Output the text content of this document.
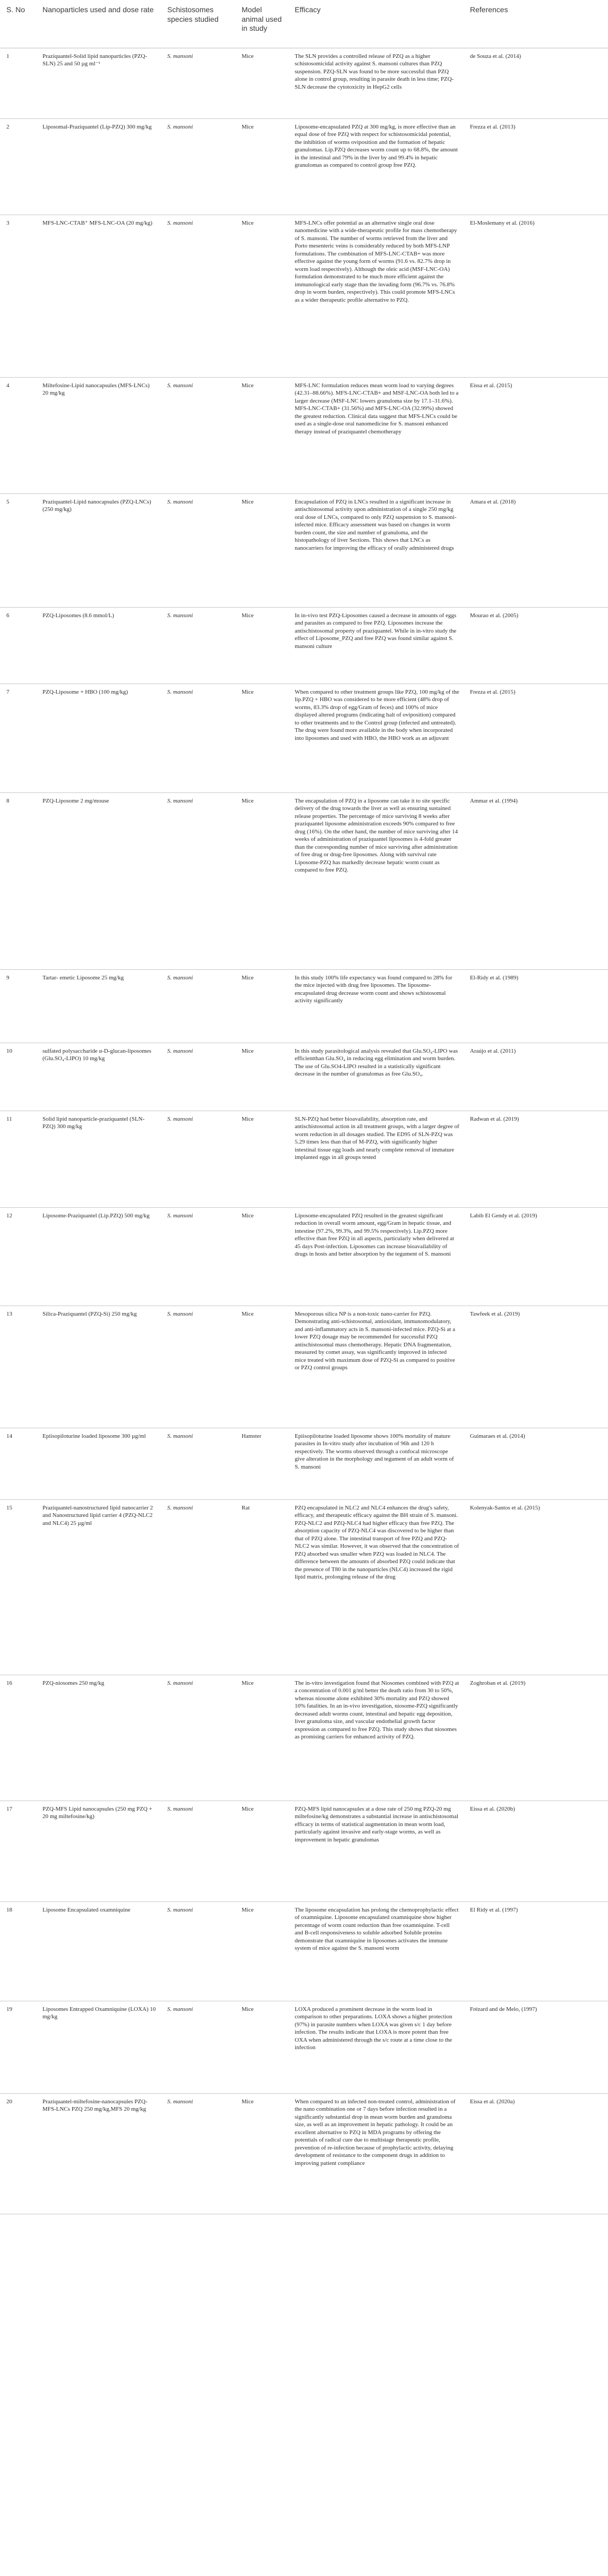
S. No	Nanoparticles used and dose rate	Schistosomes species studied	Model animal used in study	Efficacy	References
1	Praziquantel-Solid lipid nanoparticles (PZQ-SLN) 25 and 50 µg ml⁻¹	S. mansoni	Mice	The SLN provides a controlled release of PZQ as a higher schistosomicidal activity against S. mansoni cultures than PZQ suspension. PZQ-SLN was found to be more successful than PZQ alone in control group, resulting in parasite death in less time; PZQ-SLN decrease the cytotoxicity in HepG2 cells	de Souza et al. (2014)
2	Liposomal-Praziquantel (Lip-PZQ) 300 mg/kg	S. mansoni	Mice	Liposome-encapsulated PZQ at 300 mg/kg, is more effective than an equal dose of free PZQ with respect for schistosomicidal potential, the inhibition of worms oviposition and the formation of hepatic granulomas. Lip.PZQ decreases worm count up to 68.8%, the amount in the intestinal and 79% in the liver by and 99.4% in hepatic granulomas as compared to control group free PZQ.	Frezza et al. (2013)
3	MFS-LNC-CTAB⁺ MFS-LNC-OA (20 mg/kg)	S. mansoni	Mice	MFS-LNCs offer potential as an alternative single oral dose nanomedicine with a wide-therapeutic profile for mass chemotherapy of S. mansoni. The number of worms retrieved from the liver and Porto mesenteric veins is considerably reduced by both MFS-LNP formulations. The combination of MFS-LNC-CTAB+ was more effective against the young form of worms (91.6 vs. 82.7% drop in worm load respectively). Although the oleic acid (MSF-LNC-OA) formulation demonstrated to be much more efficient against the immunological early stage than the invading form (96.7% vs. 76.8% drop in worm burden, respectively). This could promote MFS-LNCs as a wider therapeutic profile alternative to PZQ.	El-Moslemany et al. (2016)
4	Miltefosine-Lipid nanocapsules (MFS-LNCs) 20 mg/kg	S. mansoni	Mice	MFS-LNC formulation reduces mean worm load to varying degrees (42.31–88.66%). MFS-LNC-CTAB+ and MSF-LNC-OA both led to a larger decrease (MSF-LNC lowers granuloma size by 17.1–31.6%). MFS-LNC-CTAB+ (31.56%) and MFS-LNC-OA (32.99%) showed the greatest reduction. Clinical data suggest that MFS-LNCs could be used as a single-dose oral nanomedicine for S. mansoni enhanced therapy instead of praziquantel chemotherapy	Eissa et al. (2015)
5	Praziquantel-Lipid nanocapsules (PZQ-LNCs) (250 mg/kg)	S. mansoni	Mice	Encapsulation of PZQ in LNCs resulted in a significant increase in antischistosomal activity upon administration of a single 250 mg/kg oral dose of LNCs, compared to only PZQ suspension to S. mansoni-infected mice. Efficacy assessment was based on changes in worm burden count, the size and number of granuloma, and the histopathology of liver Sections. This shows that LNCs as nanocarriers for improving the efficacy of orally administered drugs	Amara et al. (2018)
6	PZQ-Liposomes (8.6 mmol/L)	S. mansoni	Mice	In in-vivo test PZQ-Liposomes caused a decrease in amounts of eggs and parasites as compared to free PZQ. Liposomes increase the antischistosomal property of praziquantel. While in in-vitro study the effect of Liposome_PZQ and free PZQ was found similar against S. mansoni culture	Mourao et al. (2005)
7	PZQ-Liposome + HBO (100 mg/kg)	S. mansoni	Mice	When compared to other treatment groups like PZQ, 100 mg/kg of the lip.PZQ + HBO was considered to be more efficient (48% drop of worms, 83.3% drop of egg/Gram of feces) and 100% of mice displayed altered programs (indicating halt of oviposition) compared to other treatments and to the Control group (infected and untreated). The drug were found more available in the body when incorporated into liposomes and used with HBO, the HBO work as an adjuvant	Frezza et al. (2015)
8	PZQ-Liposome 2 mg/mouse	S. mansoni	Mice	The encapsulation of PZQ in a liposome can take it to site specific delivery of the drug towards the liver as well as ensuring sustained release properties. The percentage of mice surviving 8 weeks after praziquantel liposome administration exceeds 90% compared to free drug (16%). On the other hand, the number of mice surviving after 14 weeks of administration of praziquantel liposomes is 4-fold greater than the corresponding number of mice surviving after administration of free drug or drug-free liposomes. Along with survival rate Liposome-PZQ has markedly decrease hepatic worm count as compared to free PZQ.	Ammar et al. (1994)
9	Tartar- emetic Liposome 25 mg/kg	S. mansoni	Mice	In this study 100% life expectancy was found compared to 28% for the mice injected with drug free liposomes. The liposome-encapsulated drug decrease worm count and shows schistosomal activity significantly	El-Ridy et al. (1989)
10	sulfated polysaccharide α-D-glucan-liposomes (Glu.SO₄-LIPO) 10 mg/kg	S. mansoni	Mice	In this study parasitological analysis revealed that Glu.SO₄-LIPO was efficientthan Glu.SO₄ in reducing egg elimination and worm burden. The use of Glu.SO4-LIPO resulted in a statistically significant decrease in the number of granulomas as free Glu.SO₄.	Araújo et al. (2011)
11	Solid lipid nanoparticle-praziquantel (SLN-PZQ) 300 mg/kg	S. mansoni	Mice	SLN-PZQ had better bioavailability, absorption rate, and antischistosomal action in all treatment groups, with a larger degree of worm reduction in all dosages studied. The ED95 of SLN-PZQ was 5.29 times less than that of M-PZQ, with significantly higher intestinal tissue egg loads and nearly complete removal of immature implanted eggs in all groups tested	Radwan et al. (2019)
12	Liposome-Praziquantel (Lip.PZQ) 500 mg/kg	S. mansoni	Mice	Liposome-encapsulated PZQ resulted in the greatest significant reduction in overall worm amount, egg/Gram in hepatic tissue, and intestine (97.2%, 99.3%, and 99.5% respectively). Lip.PZQ more effective than free PZQ in all aspects, particularly when delivered at 45 days Post-infection. Liposomes can increase bioavailability of drugs in hosts and better absorption by the tegument of S. mansoni	Labib El Gendy et al. (2019)
13	Silica-Praziquantel (PZQ-Si) 250 mg/kg	S. mansoni	Mice	Mesoporous silica NP is a non-toxic nano-carrier for PZQ. Demonstrating anti-schistosomal, antioxidant, immunomodulatory, and anti-inflammatory acts in S. mansoni-infected mice. PZQ-Si at a lower PZQ dosage may be recommended for successful PZQ antischistosomal mass chemotherapy. Hepatic DNA fragmentation, measured by comet assay, was significantly improved in infected mice treated with maximum dose of PZQ-Si as compared to positive or PZQ control groups	Tawfeek et al. (2019)
14	Epiisopiloturine loaded liposome 300 µg/ml	S. mansoni	Hamster	Epiisopiloturine loaded liposome shows 100% mortality of mature parasites in In-vitro study after incubation of 96h and 120 h respectively. The worms observed through a confocal microscope give alteration in the morphology and tegument of an adult worm of S. mansoni	Guimaraes et al. (2014)
15	Praziquantel-nanostructured lipid nanocarrier 2 and Nanostructured lipid carrier 4 (PZQ-NLC2 and NLC4) 25 µg/ml	S. mansoni	Rat	PZQ encapsulated in NLC2 and NLC4 enhances the drug's safety, efficacy, and therapeutic efficacy against the BH strain of S. mansoni. PZQ-NLC2 and PZQ-NLC4 had higher efficacy than free PZQ. The absorption capacity of PZQ-NLC4 was discovered to be higher than that of PZQ alone. The intestinal transport of free PZQ and PZQ-NLC2 was similar. However, it was observed that the concentration of PZQ absorbed was smaller when PZQ was loaded in NLC4. The difference between the amounts of absorbed PZQ could indicate that the presence of T80 in the nanoparticles (NLC4) increased the rigid lipid matrix, prolonging release of the drug	Kolenyak-Santos et al. (2015)
16	PZQ-niosomes 250 mg/kg	S. mansoni	Mice	The in-vitro investigation found that Niosomes combined with PZQ at a concentration of 0.001 g/ml better the death ratio from 30 to 50%, whereas niosome alone exhibited 30% mortality and PZQ showed 10% fatalities. In an in-vivo investigation, niosome-PZQ significantly decreased adult worms count, intestinal and hepatic egg deposition, liver granuloma size, and vascular endothelial growth factor expression as compared to free PZQ. This study shows that niosomes as promising carriers for enhanced activity of PZQ.	Zoghroban et al. (2019)
17	PZQ-MFS Lipid nanocapsules (250 mg PZQ + 20 mg miltefosine/kg)	S. mansoni	Mice	PZQ-MFS lipid nanocapsules at a dose rate of 250 mg PZQ-20 mg miltefosine/kg demonstrates a substantial increase in antischistosomal efficacy in terms of statistical augmentation in mean worm load, particularly against invasive and early-stage worms, as well as improvement in hepatic granulomas	Eissa et al. (2020b)
18	Liposome Encapsulated oxamniquine	S. mansoni	Mice	The liposome encapsulation has prolong the chemoprophylactic effect of oxamniquine. Liposome encapsulated oxamniquine show higher percentage of worm count reduction than free oxamniquine. T-cell and B-cell responsiveness to soluble adsorbed Soluble proteins demonstrate that oxamniquine in liposomes activates the immune system of mice against the S. mansoni worm	El Ridy et al. (1997)
19	Liposomes Entrapped Oxamniquine (LOXA) 10 mg/kg	S. mansoni	Mice	LOXA produced a prominent decrease in the worm load in comparison to other preparations. LOXA shows a higher protection (97%) in parasite numbers when LOXA was given s/c 1 day before infection. The results indicate that LOXA is more potent than free OXA when administered through the s/c route at a time close to the infection	Frézard and de Melo, (1997)
20	Praziquantel-miltefosine-nanocapsules PZQ-MFS-LNCs PZQ 250 mg/kg,MFS 20 mg/kg	S. mansoni	Mice	When compared to an infected non-treated control, administration of the nano combination one or 7 days before infection resulted in a significantly substantial drop in mean worm burden and granuloma size, as well as an improvement in hepatic pathology. It could be an excellent alternative to PZQ in MDA programs by offering the potentials of radical cure due to multistage therapeutic profile, prevention of re-infection because of prophylactic activity, delaying development of resistance to the component drugs in addition to improving patient compliance	Eissa et al. (2020a)
